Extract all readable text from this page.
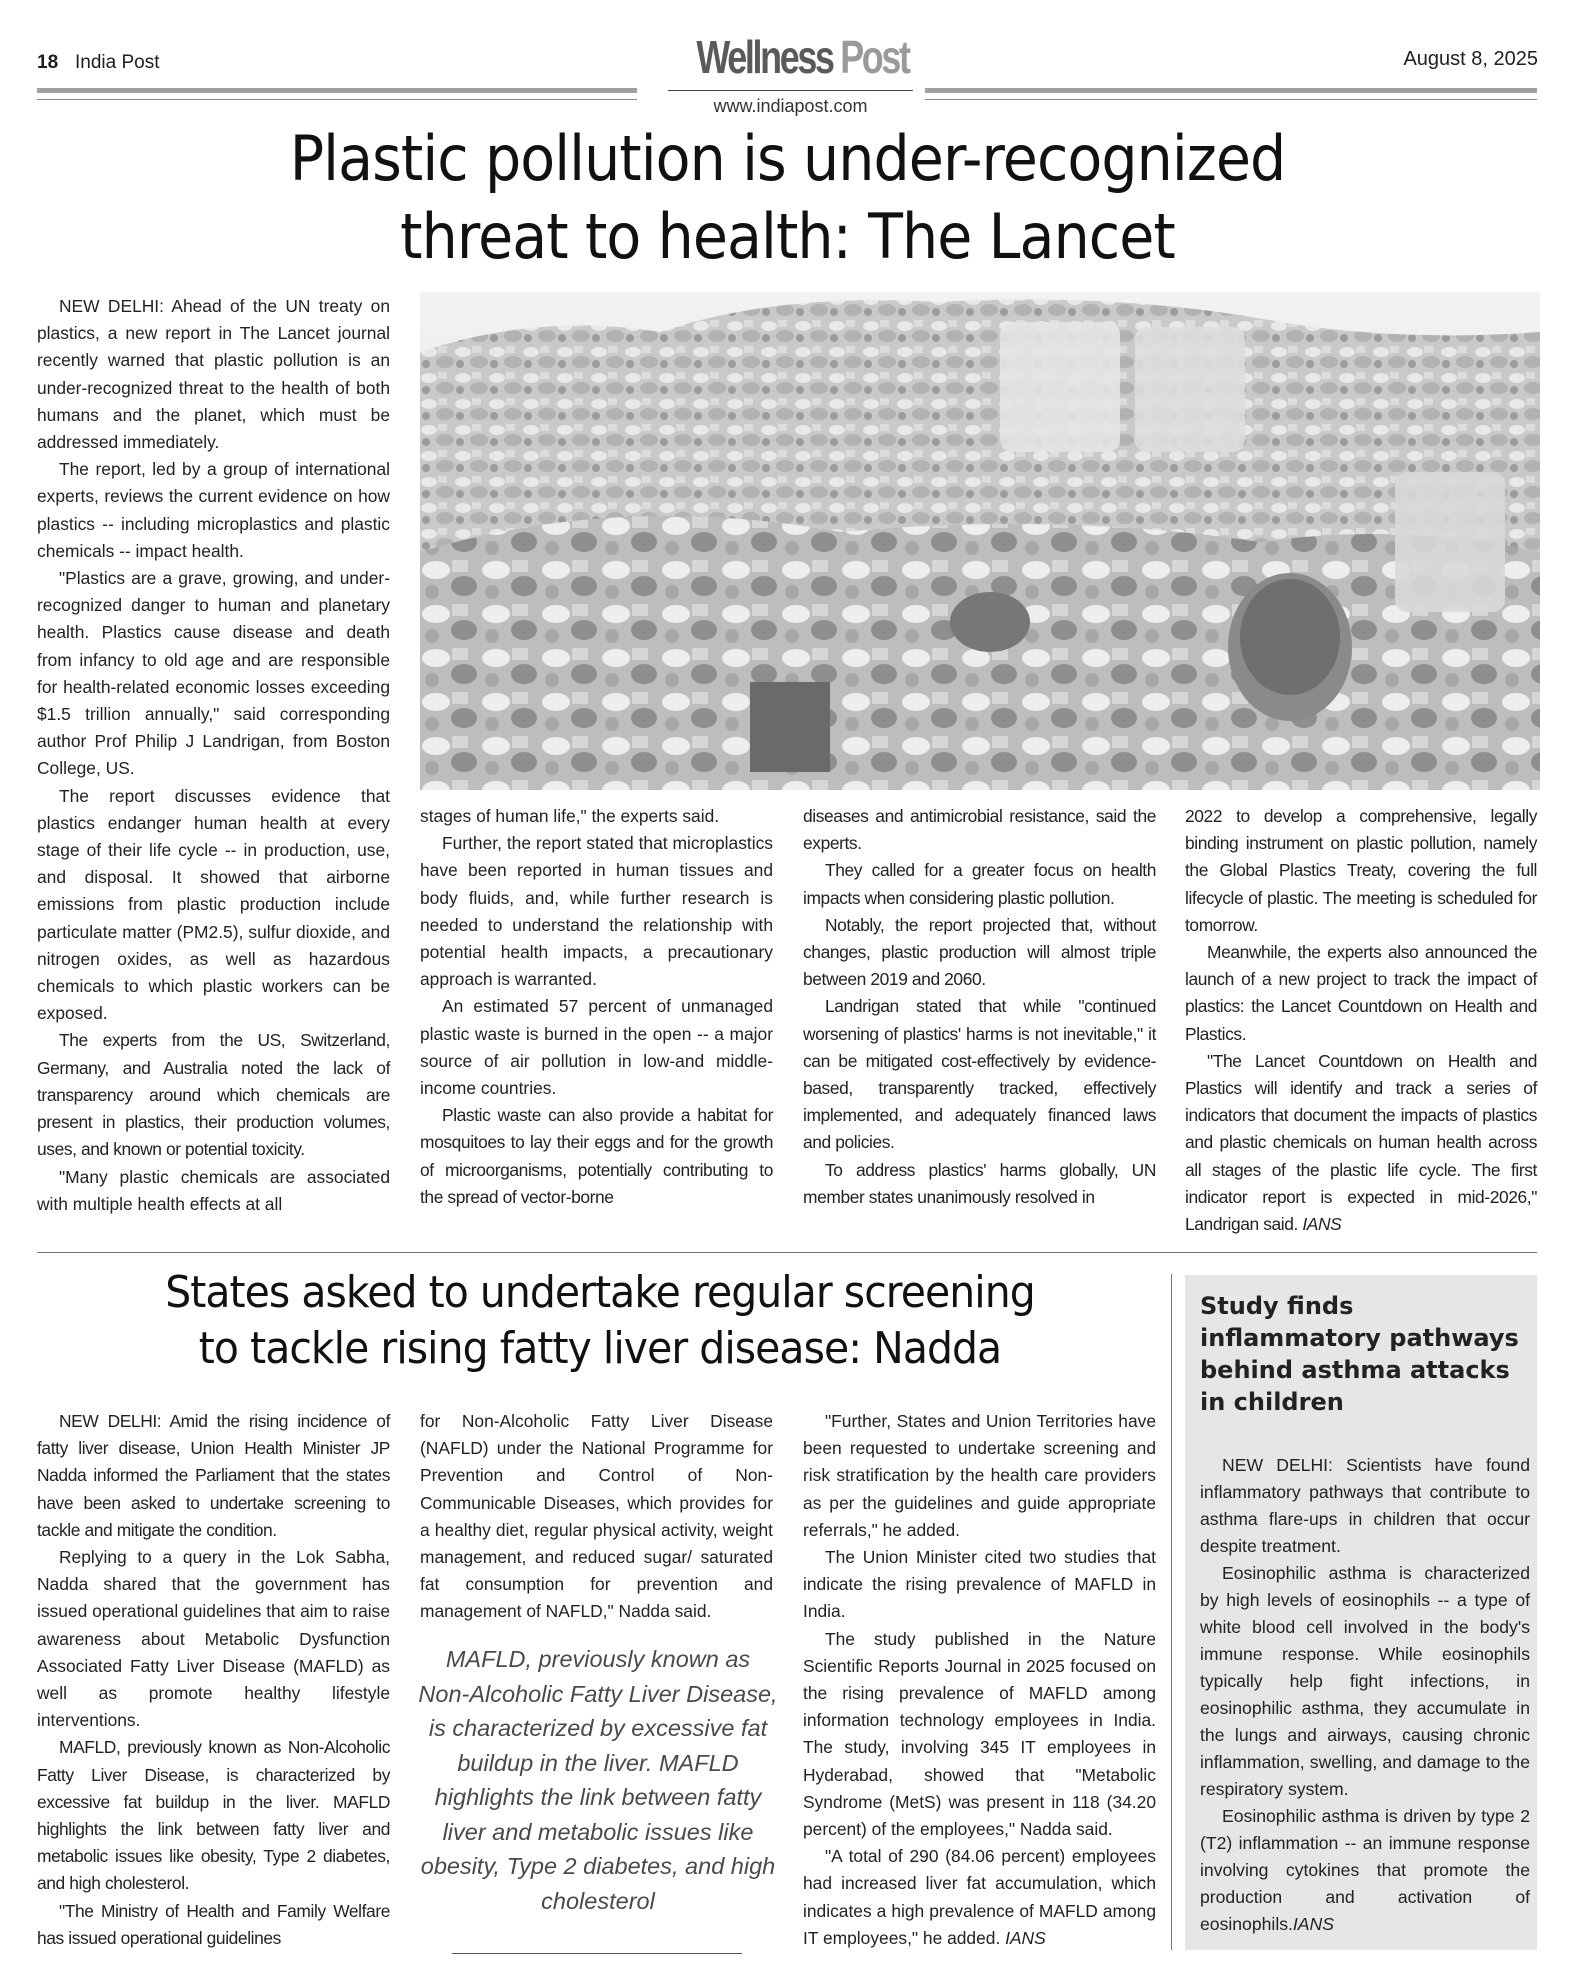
18 India Post	Wellness Post
www.indiapost.com
August 8, 2025
Plastic pollution is under-recognized
threat to health: The Lancet

NEW DELHI: Ahead of the UN treaty on plastics, a new report in The Lancet journal recently warned that plastic pollution is an under-recognized threat to the health of both humans and the planet, which must be addressed immediately.

The report, led by a group of international experts, reviews the current evidence on how plastics -- including microplastics and plastic chemicals -- impact health.

"Plastics are a grave, growing, and under-recognized danger to human and planetary health. Plastics cause disease and death from infancy to old age and are responsible for health-related economic losses exceeding $1.5 trillion annually," said corresponding author Prof Philip J Landrigan, from Boston College, US.

The report discusses evidence that plastics endanger human health at every stage of their life cycle -- in production, use, and disposal. It showed that airborne emissions from plastic production include particulate matter (PM2.5), sulfur dioxide, and nitrogen oxides, as well as hazardous chemicals to which plastic workers can be exposed.

The experts from the US, Switzerland, Germany, and Australia noted the lack of transparency around which chemicals are present in plastics, their production volumes, uses, and known or potential toxicity.

"Many plastic chemicals are associated with multiple health effects at all

stages of human life," the experts said.

Further, the report stated that microplastics have been reported in human tissues and body fluids, and, while further research is needed to understand the relationship with potential health impacts, a precautionary approach is warranted.

An estimated 57 percent of unmanaged plastic waste is burned in the open -- a major source of air pollution in low-and middle-income countries.

Plastic waste can also provide a habitat for mosquitoes to lay their eggs and for the growth of microorganisms, potentially contributing to the spread of vector-borne

diseases and antimicrobial resistance, said the experts.

They called for a greater focus on health impacts when considering plastic pollution.

Notably, the report projected that, without changes, plastic production will almost triple between 2019 and 2060.

Landrigan stated that while "continued worsening of plastics' harms is not inevitable," it can be mitigated cost-effectively by evidence-based, transparently tracked, effectively implemented, and adequately financed laws and policies.

To address plastics' harms globally, UN member states unanimously resolved in

2022 to develop a comprehensive, legally binding instrument on plastic pollution, namely the Global Plastics Treaty, covering the full lifecycle of plastic. The meeting is scheduled for tomorrow.

Meanwhile, the experts also announced the launch of a new project to track the impact of plastics: the Lancet Countdown on Health and Plastics.

"The Lancet Countdown on Health and Plastics will identify and track a series of indicators that document the impacts of plastics and plastic chemicals on human health across all stages of the plastic life cycle. The first indicator report is expected in mid-2026," Landrigan said. IANS

States asked to undertake regular screening
to tackle rising fatty liver disease: Nadda

NEW DELHI: Amid the rising incidence of fatty liver disease, Union Health Minister JP Nadda informed the Parliament that the states have been asked to undertake screening to tackle and mitigate the condition.

Replying to a query in the Lok Sabha, Nadda shared that the government has issued operational guidelines that aim to raise awareness about Metabolic Dysfunction Associated Fatty Liver Disease (MAFLD) as well as promote healthy lifestyle interventions.

MAFLD, previously known as Non-Alcoholic Fatty Liver Disease, is characterized by excessive fat buildup in the liver. MAFLD highlights the link between fatty liver and metabolic issues like obesity, Type 2 diabetes, and high cholesterol.

"The Ministry of Health and Family Welfare has issued operational guidelines

for Non-Alcoholic Fatty Liver Disease (NAFLD) under the National Programme for Prevention and Control of Non-Communicable Diseases, which provides for a healthy diet, regular physical activity, weight management, and reduced sugar/ saturated fat consumption for prevention and management of NAFLD," Nadda said.

MAFLD, previously known as Non-Alcoholic Fatty Liver Disease, is characterized by excessive fat buildup in the liver. MAFLD highlights the link between fatty liver and metabolic issues like obesity, Type 2 diabetes, and high cholesterol

"Further, States and Union Territories have been requested to undertake screening and risk stratification by the health care providers as per the guidelines and guide appropriate referrals," he added.

The Union Minister cited two studies that indicate the rising prevalence of MAFLD in India.

The study published in the Nature Scientific Reports Journal in 2025 focused on the rising prevalence of MAFLD among information technology employees in India. The study, involving 345 IT employees in Hyderabad, showed that "Metabolic Syndrome (MetS) was present in 118 (34.20 percent) of the employees," Nadda said.

"A total of 290 (84.06 percent) employees had increased liver fat accumulation, which indicates a high prevalence of MAFLD among IT employees," he added. IANS

Study finds inflammatory pathways behind asthma attacks in children

NEW DELHI: Scientists have found inflammatory pathways that contribute to asthma flare-ups in children that occur despite treatment.

Eosinophilic asthma is characterized by high levels of eosinophils -- a type of white blood cell involved in the body's immune response. While eosinophils typically help fight infections, in eosinophilic asthma, they accumulate in the lungs and airways, causing chronic inflammation, swelling, and damage to the respiratory system.

Eosinophilic asthma is driven by type 2 (T2) inflammation -- an immune response involving cytokines that promote the production and activation of eosinophils.IANS
